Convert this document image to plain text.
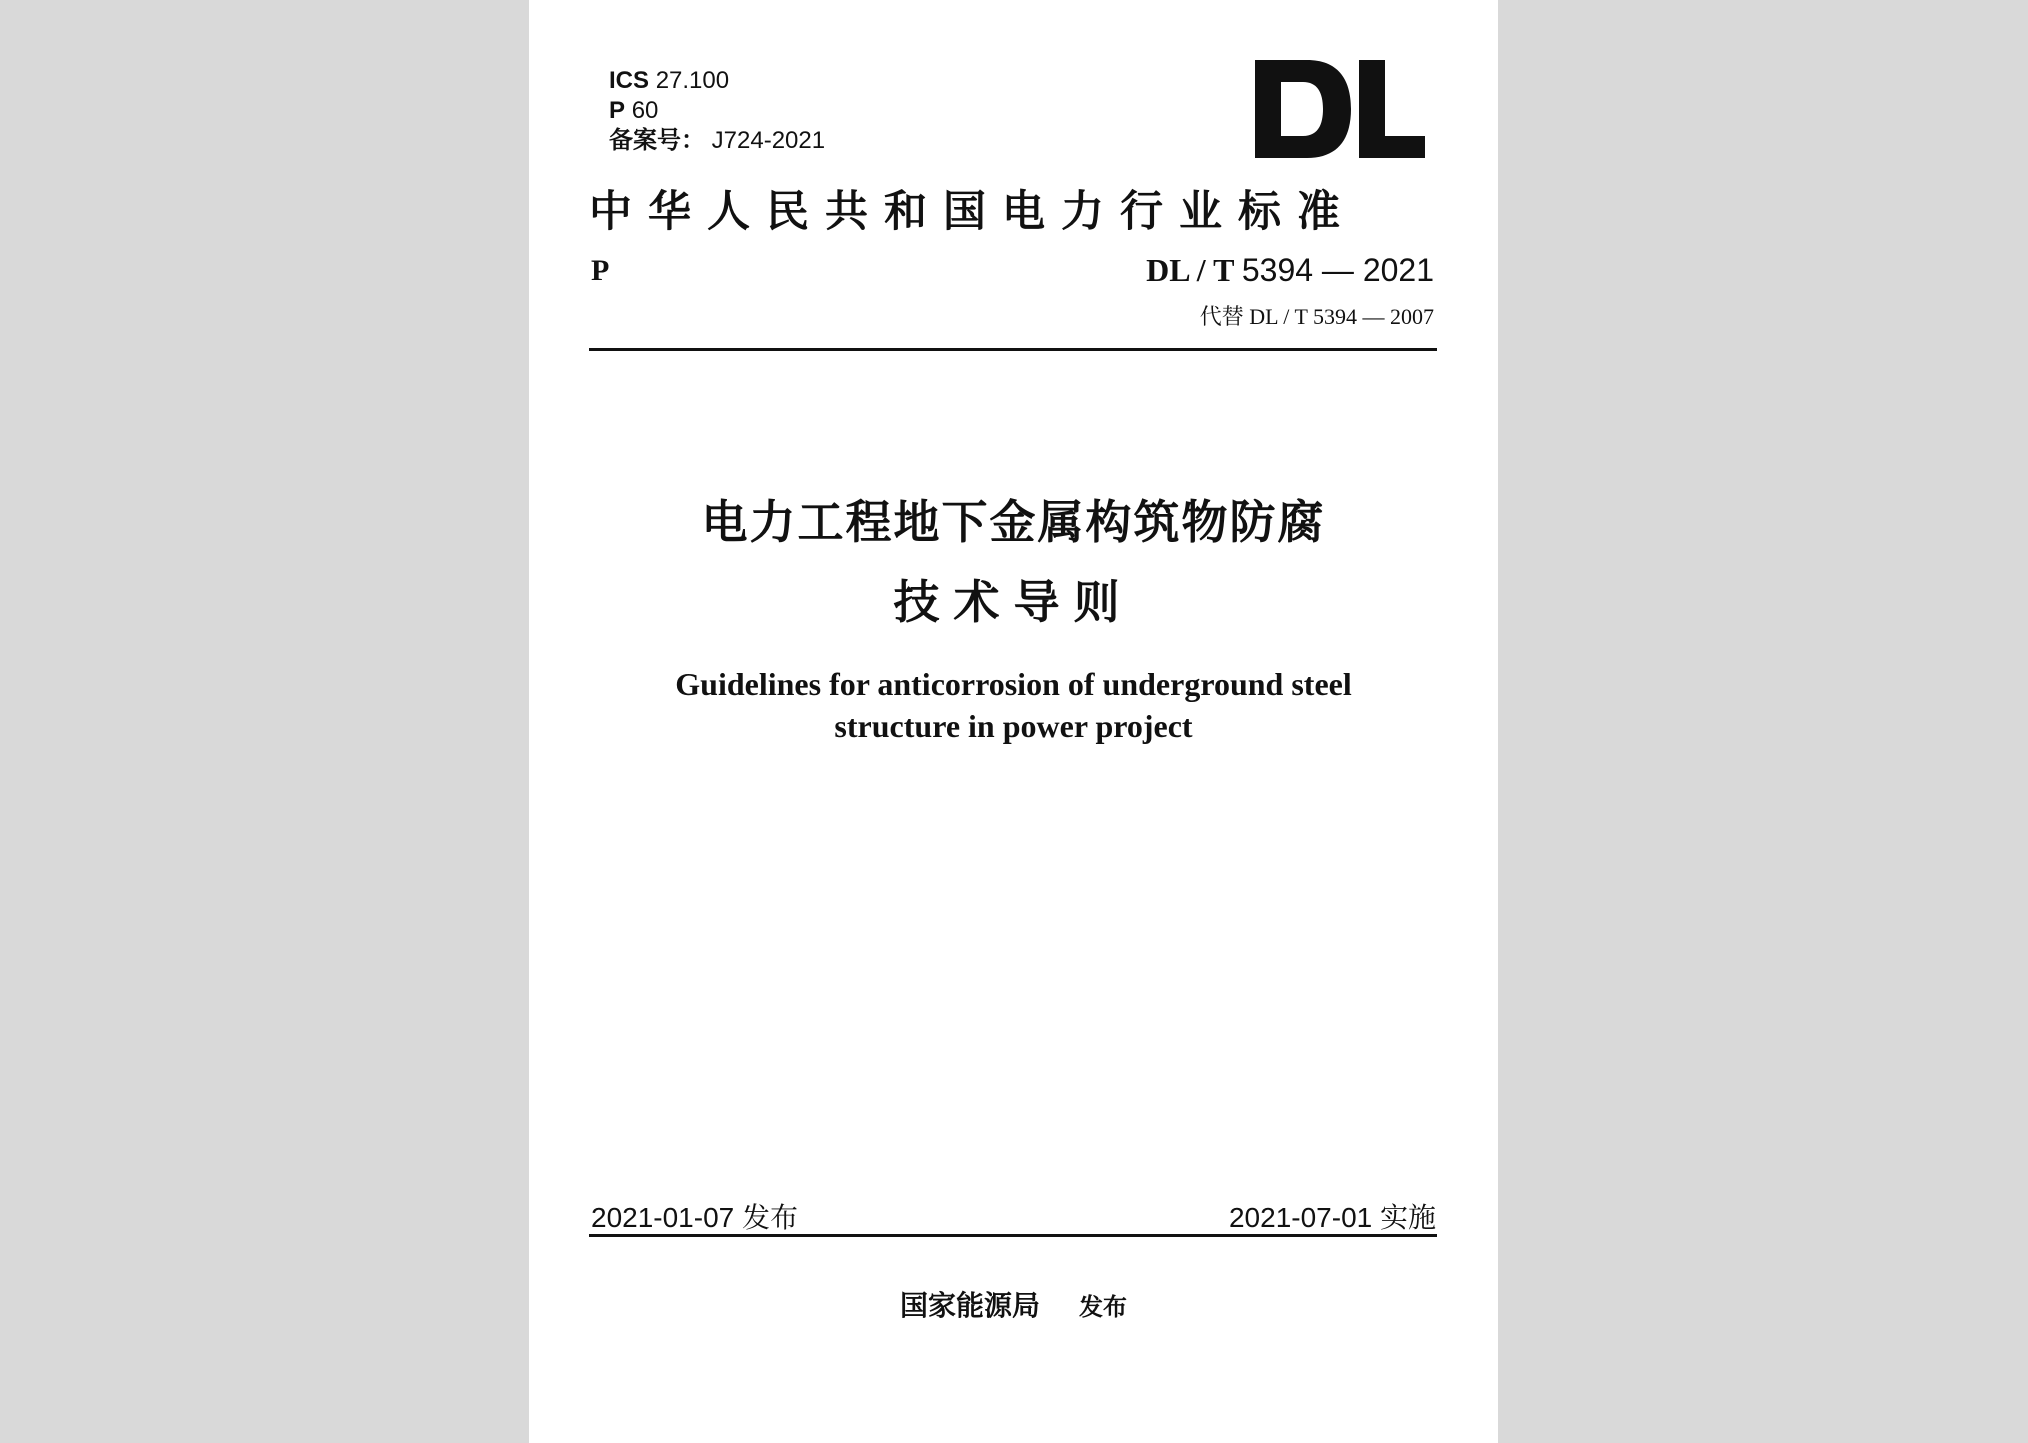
ICS 27.100
P 60
备案号： J724-2021
中华人民共和国电力行业标准
P	DL / T 5394 — 2021
代替 DL / T 5394 — 2007
电力工程地下金属构筑物防腐
技术导则
Guidelines for anticorrosion of underground steel
structure in power project
2021-01-07 发布	2021-07-01 实施
国家能源局 发布
